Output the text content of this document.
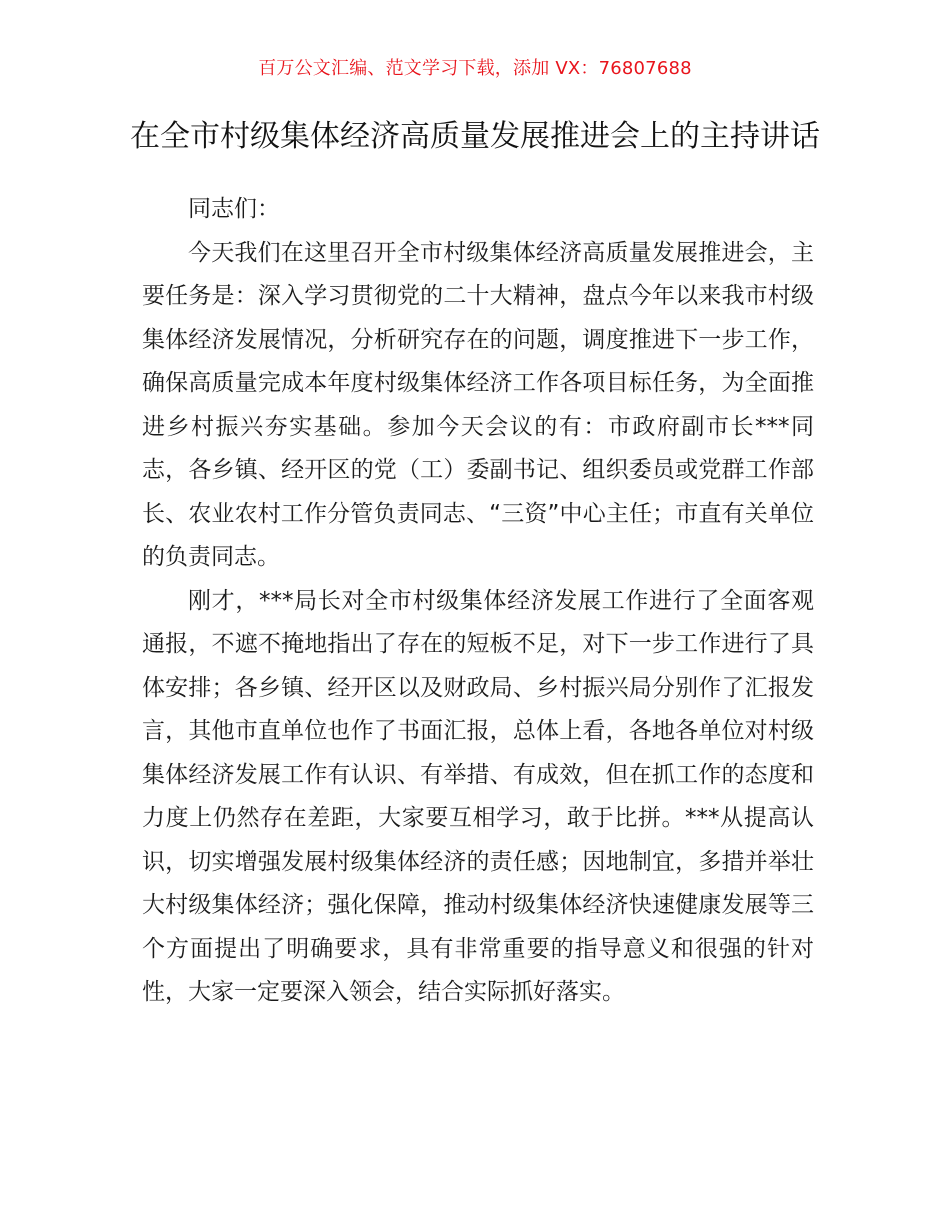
百万公文汇编、范文学习下载，添加 VX：76807688
在全市村级集体经济高质量发展推进会上的主持讲话

同志们：

今天我们在这里召开全市村级集体经济高质量发展推进会，主要任务是：深入学习贯彻党的二十大精神，盘点今年以来我市村级集体经济发展情况，分析研究存在的问题，调度推进下一步工作，确保高质量完成本年度村级集体经济工作各项目标任务，为全面推进乡村振兴夯实基础。参加今天会议的有：市政府副市长***同志，各乡镇、经开区的党（工）委副书记、组织委员或党群工作部长、农业农村工作分管负责同志、“三资”中心主任；市直有关单位的负责同志。

刚才，***局长对全市村级集体经济发展工作进行了全面客观通报，不遮不掩地指出了存在的短板不足，对下一步工作进行了具体安排；各乡镇、经开区以及财政局、乡村振兴局分别作了汇报发言，其他市直单位也作了书面汇报，总体上看，各地各单位对村级集体经济发展工作有认识、有举措、有成效，但在抓工作的态度和力度上仍然存在差距，大家要互相学习，敢于比拼。***从提高认识，切实增强发展村级集体经济的责任感；因地制宜，多措并举壮大村级集体经济；强化保障，推动村级集体经济快速健康发展等三个方面提出了明确要求，具有非常重要的指导意义和很强的针对性，大家一定要深入领会，结合实际抓好落实。
